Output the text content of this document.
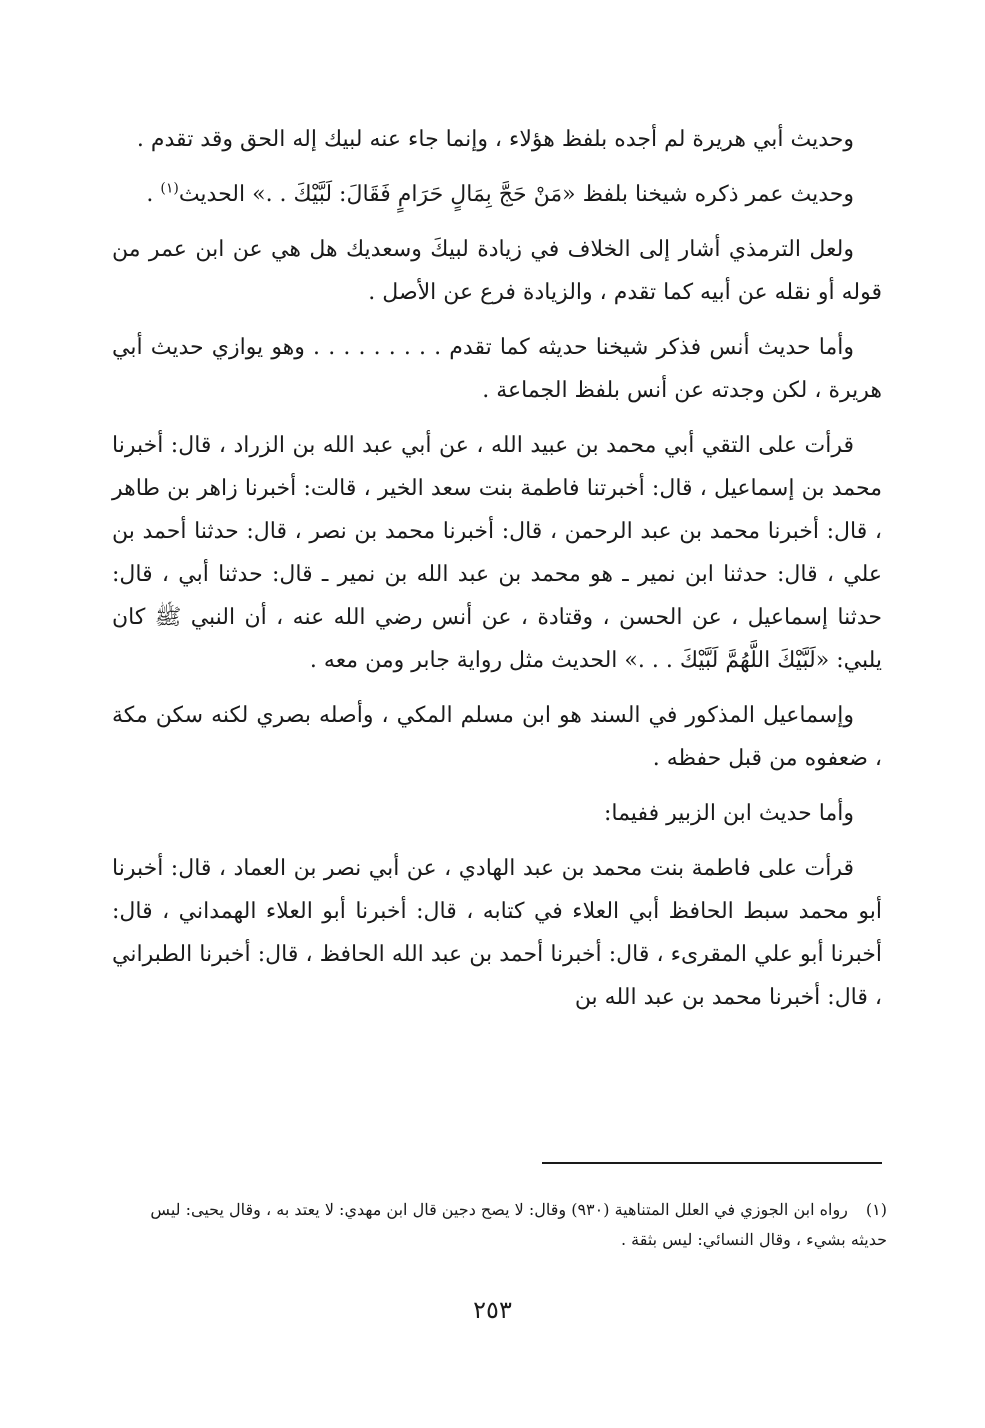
وحديث أبي هريرة لم أجده بلفظ هؤلاء ، وإنما جاء عنه لبيك إله الحق وقد تقدم .

وحديث عمر ذكره شيخنا بلفظ «مَنْ حَجَّ بِمَالٍ حَرَامٍ فَقَالَ: لَبَّيْكَ . .» الحديث$^{(١)}$ .

ولعل الترمذي أشار إلى الخلاف في زيادة لبيكَ وسعديك هل هي عن ابن عمر من قوله أو نقله عن أبيه كما تقدم ، والزيادة فرع عن الأصل .

وأما حديث أنس فذكر شيخنا حديثه كما تقدم . . . . . . . . . وهو يوازي حديث أبي هريرة ، لكن وجدته عن أنس بلفظ الجماعة .

قرأت على التقي أبي محمد بن عبيد الله ، عن أبي عبد الله بن الزراد ، قال: أخبرنا محمد بن إسماعيل ، قال: أخبرتنا فاطمة بنت سعد الخير ، قالت: أخبرنا زاهر بن طاهر ، قال: أخبرنا محمد بن عبد الرحمن ، قال: أخبرنا محمد بن نصر ، قال: حدثنا أحمد بن علي ، قال: حدثنا ابن نمير ـ هو محمد بن عبد الله بن نمير ـ قال: حدثنا أبي ، قال: حدثنا إسماعيل ، عن الحسن ، وقتادة ، عن أنس رضي الله عنه ، أن النبي ﷺ كان يلبي: «لَبَّيْكَ اللَّهُمَّ لَبَّيْكَ . . .» الحديث مثل رواية جابر ومن معه .

وإسماعيل المذكور في السند هو ابن مسلم المكي ، وأصله بصري لكنه سكن مكة ، ضعفوه من قبل حفظه .

وأما حديث ابن الزبير ففيما:

قرأت على فاطمة بنت محمد بن عبد الهادي ، عن أبي نصر بن العماد ، قال: أخبرنا أبو محمد سبط الحافظ أبي العلاء في كتابه ، قال: أخبرنا أبو العلاء الهمداني ، قال: أخبرنا أبو علي المقرىء ، قال: أخبرنا أحمد بن عبد الله الحافظ ، قال: أخبرنا الطبراني ، قال: أخبرنا محمد بن عبد الله بن

(١)رواه ابن الجوزي في العلل المتناهية (٩٣٠) وقال: لا يصح دجين قال ابن مهدي: لا يعتد به ، وقال يحيى: ليس حديثه بشيء ، وقال النسائي: ليس بثقة .
٢٥٣
